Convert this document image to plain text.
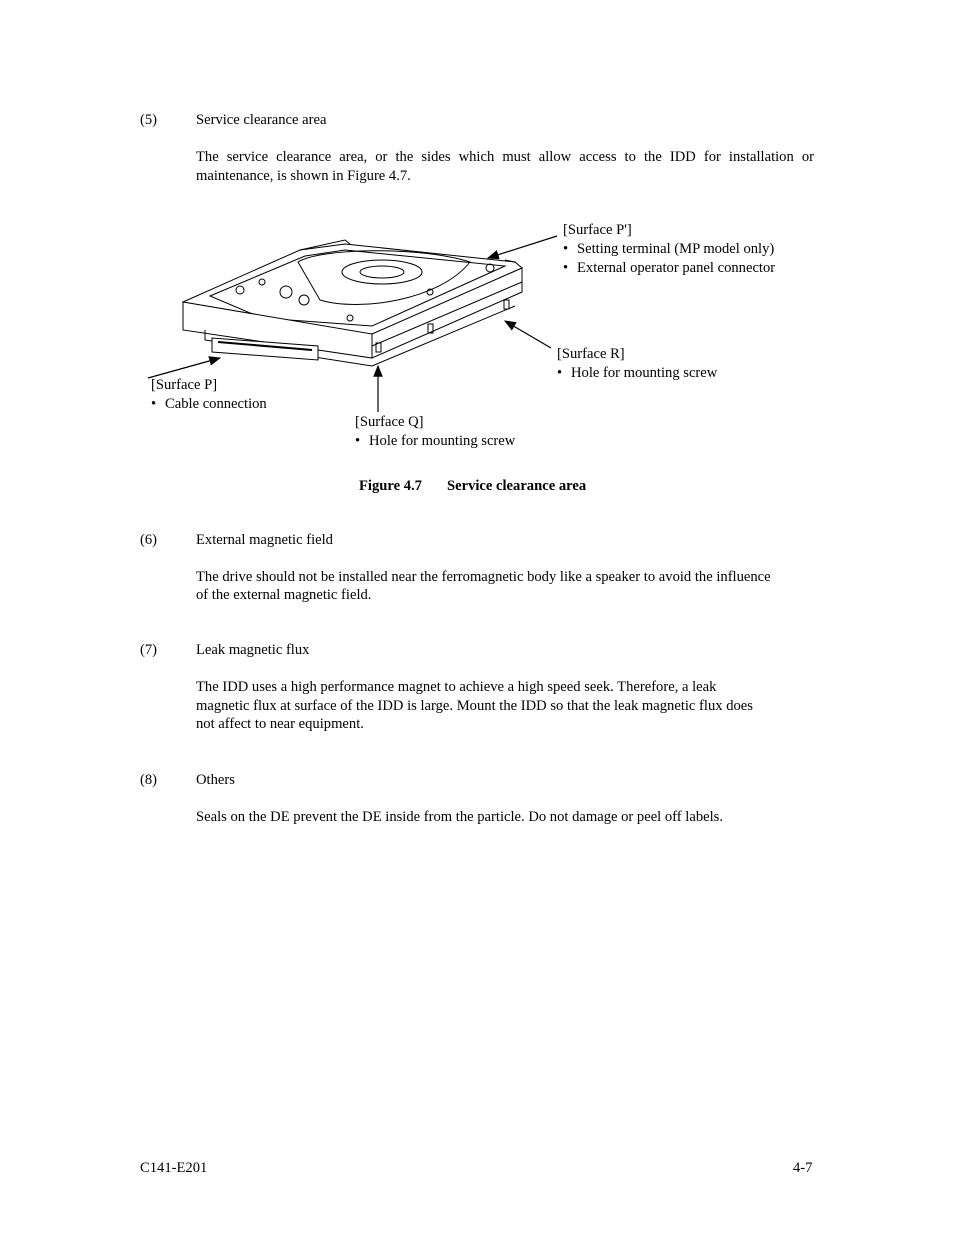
(5)	Service clearance area
The service clearance area, or the sides which must allow access to the IDD for installation or maintenance, is shown in Figure 4.7.
[Surface P']
• Setting terminal (MP model only)
• External operator panel connector
[Surface R]
• Hole for mounting screw
[Surface P]
• Cable connection
[Surface Q]
• Hole for mounting screw
Figure 4.7 Service clearance area
(6)	External magnetic field
The drive should not be installed near the ferromagnetic body like a speaker to avoid the influence
of the external magnetic field.
(7)	Leak magnetic flux
The IDD uses a high performance magnet to achieve a high speed seek. Therefore, a leak
magnetic flux at surface of the IDD is large. Mount the IDD so that the leak magnetic flux does
not affect to near equipment.
(8)	Others
Seals on the DE prevent the DE inside from the particle. Do not damage or peel off labels.
C141-E201	4-7
